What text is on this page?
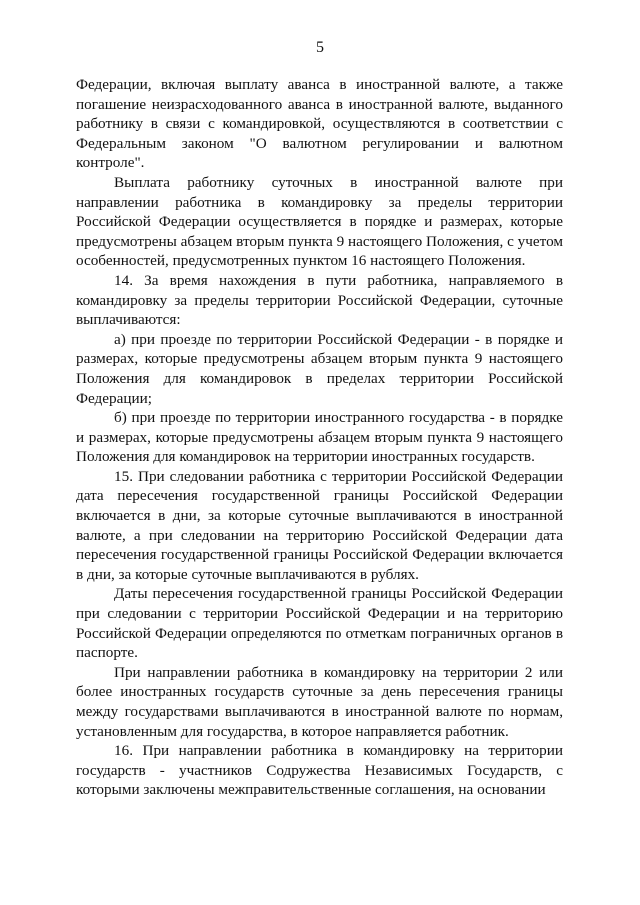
5

Федерации, включая выплату аванса в иностранной валюте, а также погашение неизрасходованного аванса в иностранной валюте, выданного работнику в связи с командировкой, осуществляются в соответствии с Федеральным законом "О валютном регулировании и валютном контроле".

Выплата работнику суточных в иностранной валюте при направлении работника в командировку за пределы территории Российской Федерации осуществляется в порядке и размерах, которые предусмотрены абзацем вторым пункта 9 настоящего Положения, с учетом особенностей, предусмотренных пунктом 16 настоящего Положения.

14. За время нахождения в пути работника, направляемого в командировку за пределы территории Российской Федерации, суточные выплачиваются:

а) при проезде по территории Российской Федерации - в порядке и размерах, которые предусмотрены абзацем вторым пункта 9 настоящего Положения для командировок в пределах территории Российской Федерации;

б) при проезде по территории иностранного государства - в порядке и размерах, которые предусмотрены абзацем вторым пункта 9 настоящего Положения для командировок на территории иностранных государств.

15. При следовании работника с территории Российской Федерации дата пересечения государственной границы Российской Федерации включается в дни, за которые суточные выплачиваются в иностранной валюте, а при следовании на территорию Российской Федерации дата пересечения государственной границы Российской Федерации включается в дни, за которые суточные выплачиваются в рублях.

Даты пересечения государственной границы Российской Федерации при следовании с территории Российской Федерации и на территорию Российской Федерации определяются по отметкам пограничных органов в паспорте.

При направлении работника в командировку на территории 2 или более иностранных государств суточные за день пересечения границы между государствами выплачиваются в иностранной валюте по нормам, установленным для государства, в которое направляется работник.

16. При направлении работника в командировку на территории государств - участников Содружества Независимых Государств, с которыми заключены межправительственные соглашения, на основании
